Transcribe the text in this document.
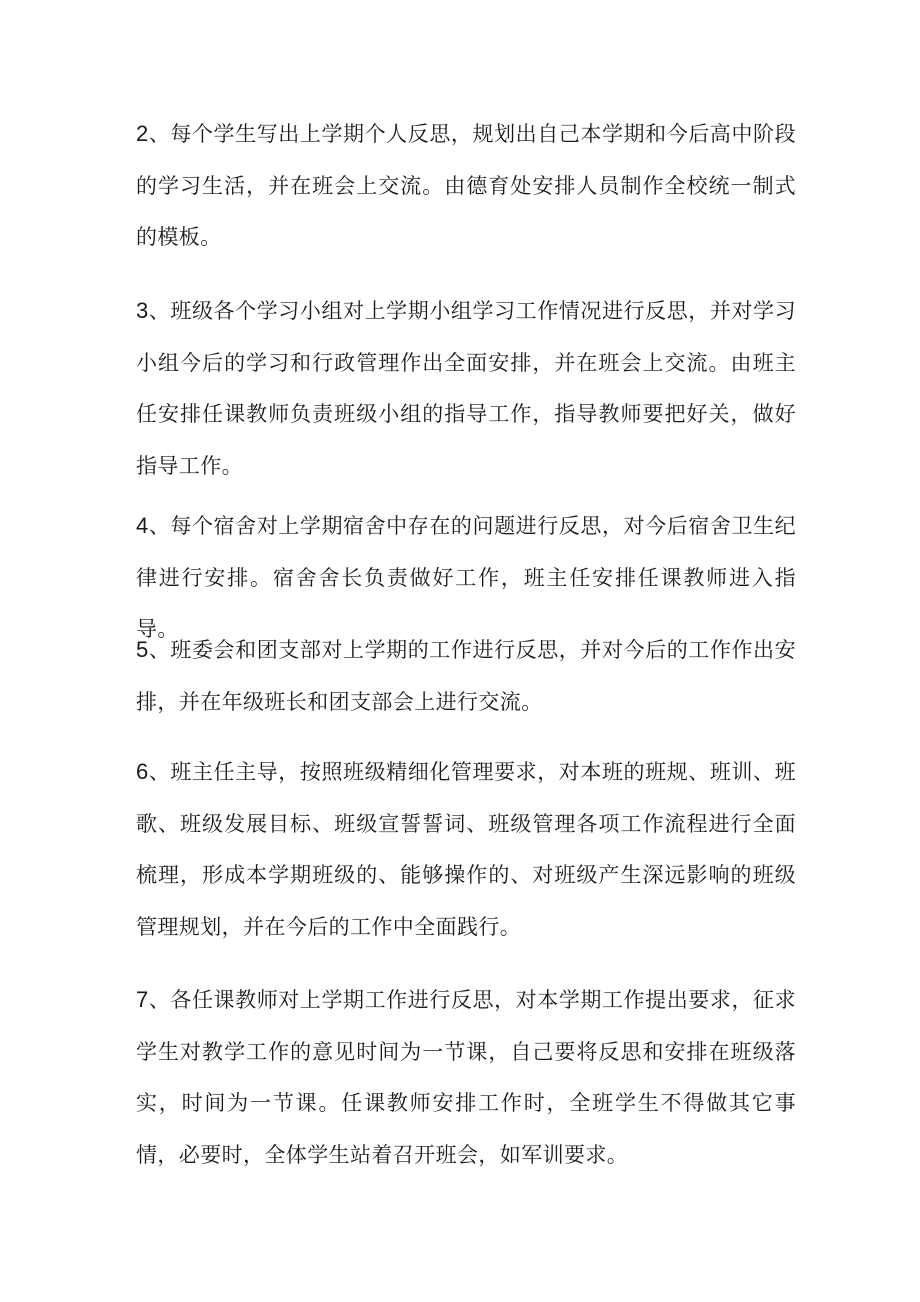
2、每个学生写出上学期个人反思，规划出自己本学期和今后高中阶段的学习生活，并在班会上交流。由德育处安排人员制作全校统一制式的模板。

3、班级各个学习小组对上学期小组学习工作情况进行反思，并对学习小组今后的学习和行政管理作出全面安排，并在班会上交流。由班主任安排任课教师负责班级小组的指导工作，指导教师要把好关，做好指导工作。

4、每个宿舍对上学期宿舍中存在的问题进行反思，对今后宿舍卫生纪律进行安排。宿舍舍长负责做好工作，班主任安排任课教师进入指导。

5、班委会和团支部对上学期的工作进行反思，并对今后的工作作出安排，并在年级班长和团支部会上进行交流。

6、班主任主导，按照班级精细化管理要求，对本班的班规、班训、班歌、班级发展目标、班级宣誓誓词、班级管理各项工作流程进行全面梳理，形成本学期班级的、能够操作的、对班级产生深远影响的班级管理规划，并在今后的工作中全面践行。

7、各任课教师对上学期工作进行反思，对本学期工作提出要求，征求学生对教学工作的意见时间为一节课，自己要将反思和安排在班级落实，时间为一节课。任课教师安排工作时，全班学生不得做其它事情，必要时，全体学生站着召开班会，如军训要求。
